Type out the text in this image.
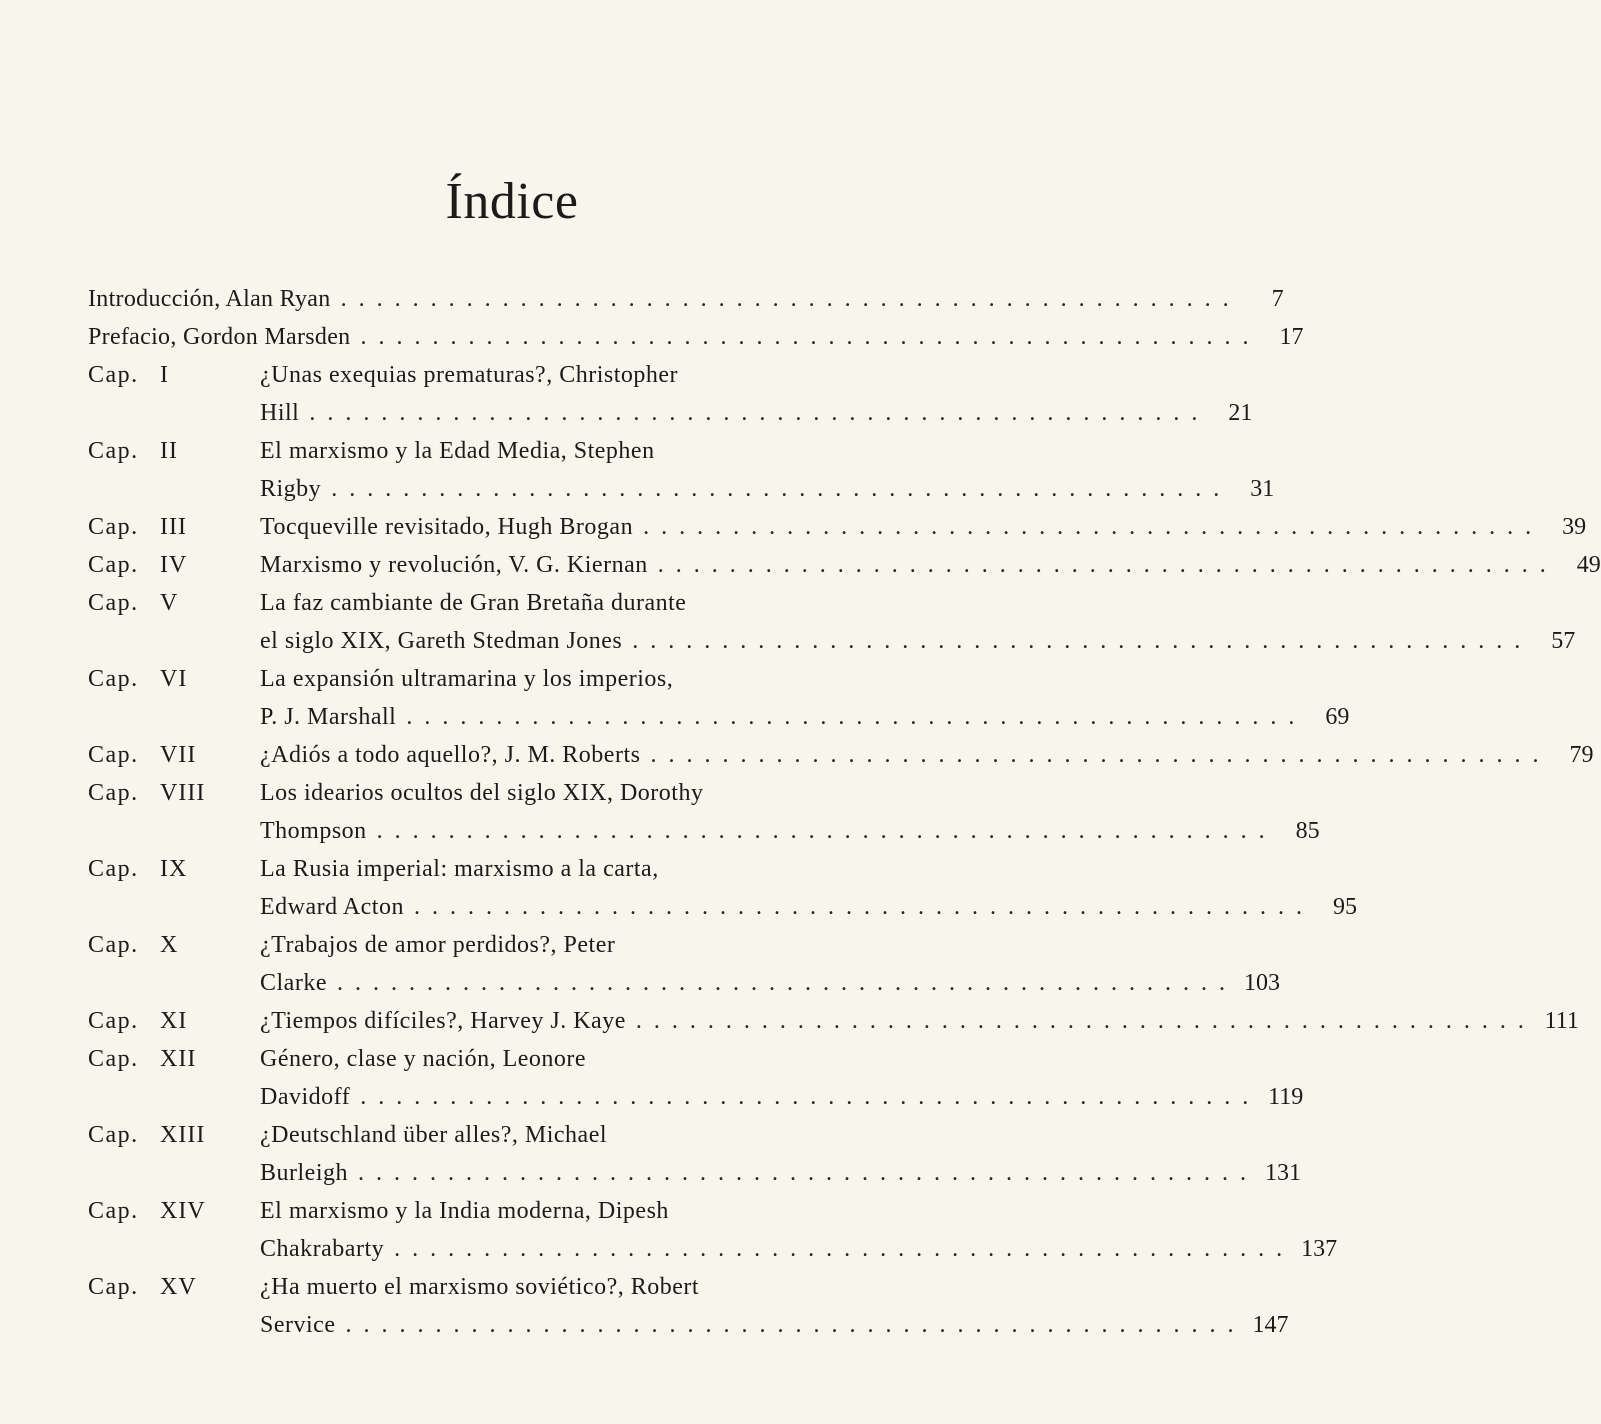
Índice
Introducción, Alan Ryan . . . . . . . . . . . . . . . . . . . . . . . . . . . . . . . . . . . . . . . . . . . . . . . . . .	7
Prefacio, Gordon Marsden . . . . . . . . . . . . . . . . . . . . . . . . . . . . . . . . . . . . . . . . . . . . . . . . . .	17
Cap. I	¿Unas exequias prematuras?, Christopher
Hill . . . . . . . . . . . . . . . . . . . . . . . . . . . . . . . . . . . . . . . . . . . . . . . . . .	21
Cap. II	El marxismo y la Edad Media, Stephen
Rigby . . . . . . . . . . . . . . . . . . . . . . . . . . . . . . . . . . . . . . . . . . . . . . . . . .	31
Cap. III	Tocqueville revisitado, Hugh Brogan . . . . . . . . . . . . . . . . . . . . . . . . . . . . . . . . . . . . . . . . . . . . . . . . . .	39
Cap. IV	Marxismo y revolución, V. G. Kiernan . . . . . . . . . . . . . . . . . . . . . . . . . . . . . . . . . . . . . . . . . . . . . . . . . .	49
Cap. V	La faz cambiante de Gran Bretaña durante
el siglo XIX, Gareth Stedman Jones . . . . . . . . . . . . . . . . . . . . . . . . . . . . . . . . . . . . . . . . . . . . . . . . . .	57
Cap. VI	La expansión ultramarina y los imperios,
P. J. Marshall . . . . . . . . . . . . . . . . . . . . . . . . . . . . . . . . . . . . . . . . . . . . . . . . . .	69
Cap. VII	¿Adiós a todo aquello?, J. M. Roberts . . . . . . . . . . . . . . . . . . . . . . . . . . . . . . . . . . . . . . . . . . . . . . . . . .	79
Cap. VIII Los idearios ocultos del siglo XIX, Dorothy
Thompson . . . . . . . . . . . . . . . . . . . . . . . . . . . . . . . . . . . . . . . . . . . . . . . . . .	85
Cap. IX	La Rusia imperial: marxismo a la carta,
Edward Acton . . . . . . . . . . . . . . . . . . . . . . . . . . . . . . . . . . . . . . . . . . . . . . . . . .	95
Cap. X	¿Trabajos de amor perdidos?, Peter
Clarke . . . . . . . . . . . . . . . . . . . . . . . . . . . . . . . . . . . . . . . . . . . . . . . . . . 103
Cap. XI	¿Tiempos difíciles?, Harvey J. Kaye . . . . . . . . . . . . . . . . . . . . . . . . . . . . . . . . . . . . . . . . . . . . . . . . . . 111
Cap. XII	Género, clase y nación, Leonore
Davidoff . . . . . . . . . . . . . . . . . . . . . . . . . . . . . . . . . . . . . . . . . . . . . . . . . . 119
Cap. XIII ¿Deutschland über alles?, Michael
Burleigh . . . . . . . . . . . . . . . . . . . . . . . . . . . . . . . . . . . . . . . . . . . . . . . . . . 131
Cap. XIV El marxismo y la India moderna, Dipesh
Chakrabarty . . . . . . . . . . . . . . . . . . . . . . . . . . . . . . . . . . . . . . . . . . . . . . . . . . 137
Cap. XV	¿Ha muerto el marxismo soviético?, Robert
Service . . . . . . . . . . . . . . . . . . . . . . . . . . . . . . . . . . . . . . . . . . . . . . . . . . 147
